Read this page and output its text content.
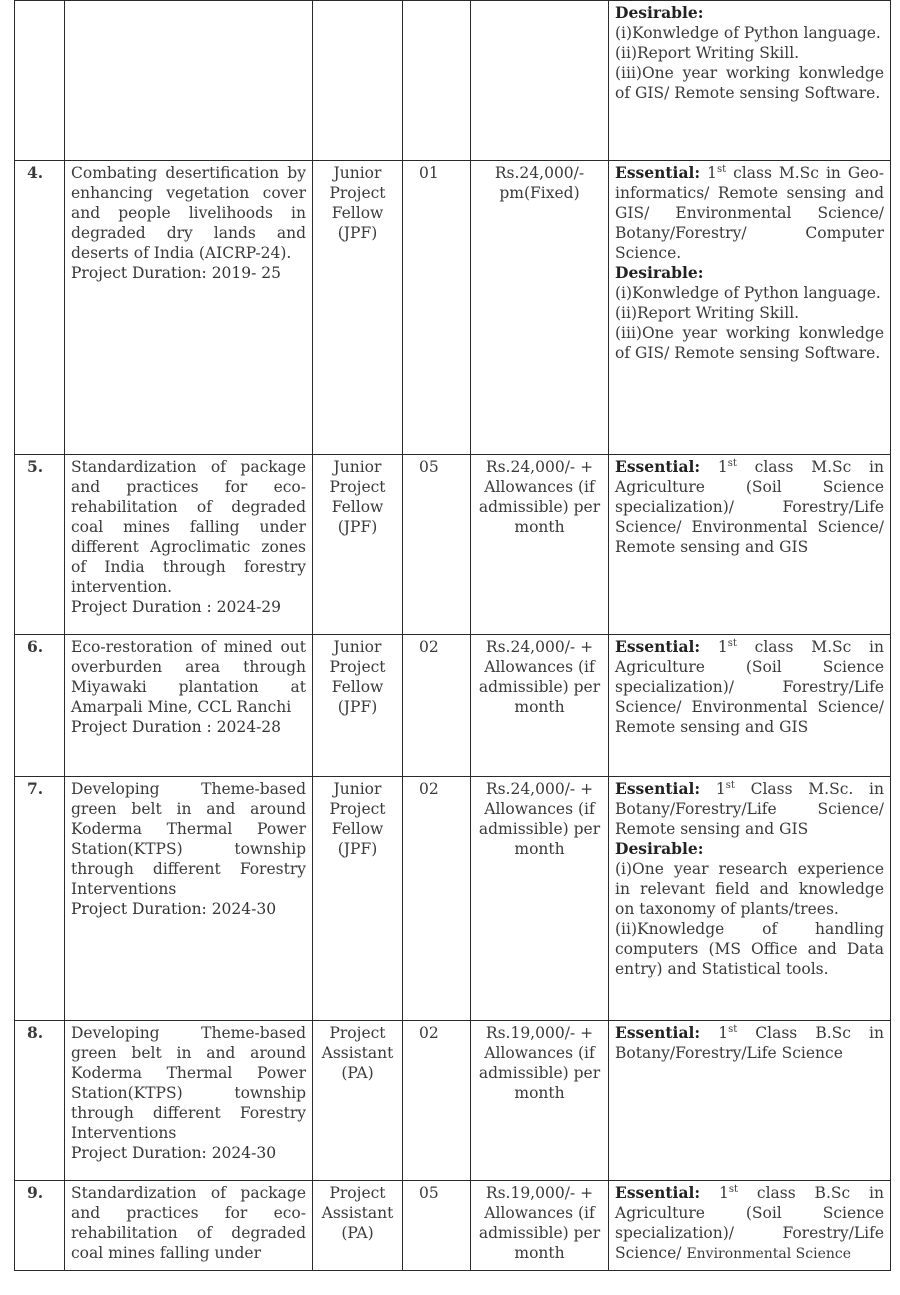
					Desirable:
(i)Konwledge of Python language.
(ii)Report Writing Skill.
(iii)One year working konwledge of GIS/ Remote sensing Software.

4.	Combating desertification by enhancing vegetation cover and people livelihoods in degraded dry lands and deserts of India (AICRP-24).
Project Duration: 2019- 25	Junior Project Fellow (JPF)	01	Rs.24,000/- pm(Fixed)	Essential: 1st class M.Sc in Geo-informatics/ Remote sensing and GIS/ Environmental Science/ Botany/Forestry/ Computer Science.
Desirable:
(i)Konwledge of Python language.
(ii)Report Writing Skill.
(iii)One year working konwledge of GIS/ Remote sensing Software.

5.	Standardization of package and practices for eco-rehabilitation of degraded coal mines falling under different Agroclimatic zones of India through forestry intervention.
Project Duration : 2024-29	Junior Project Fellow (JPF)	05	Rs.24,000/- + Allowances (if admissible) per month	Essential: 1st class M.Sc in Agriculture (Soil Science specialization)/ Forestry/Life Science/ Environmental Science/ Remote sensing and GIS

6.	Eco-restoration of mined out overburden area through Miyawaki plantation at Amarpali Mine, CCL Ranchi
Project Duration : 2024-28	Junior Project Fellow (JPF)	02	Rs.24,000/- + Allowances (if admissible) per month	Essential: 1st class M.Sc in Agriculture (Soil Science specialization)/ Forestry/Life Science/ Environmental Science/ Remote sensing and GIS

7.	Developing Theme-based green belt in and around Koderma Thermal Power Station(KTPS) township through different Forestry Interventions
Project Duration: 2024-30	Junior Project Fellow (JPF)	02	Rs.24,000/- + Allowances (if admissible) per month	Essential: 1st Class M.Sc. in Botany/Forestry/Life Science/ Remote sensing and GIS
Desirable:
(i)One year research experience in relevant field and knowledge on taxonomy of plants/trees.
(ii)Knowledge of handling computers (MS Office and Data entry) and Statistical tools.

8.	Developing Theme-based green belt in and around Koderma Thermal Power Station(KTPS) township through different Forestry Interventions
Project Duration: 2024-30	Project Assistant (PA)	02	Rs.19,000/- + Allowances (if admissible) per month	Essential: 1st Class B.Sc in Botany/Forestry/Life Science

9.	Standardization of package and practices for eco-rehabilitation of degraded coal mines falling under	Project Assistant (PA)	05	Rs.19,000/- + Allowances (if admissible) per month	Essential: 1st class B.Sc in Agriculture (Soil Science specialization)/ Forestry/Life Science/ Environmental Science
